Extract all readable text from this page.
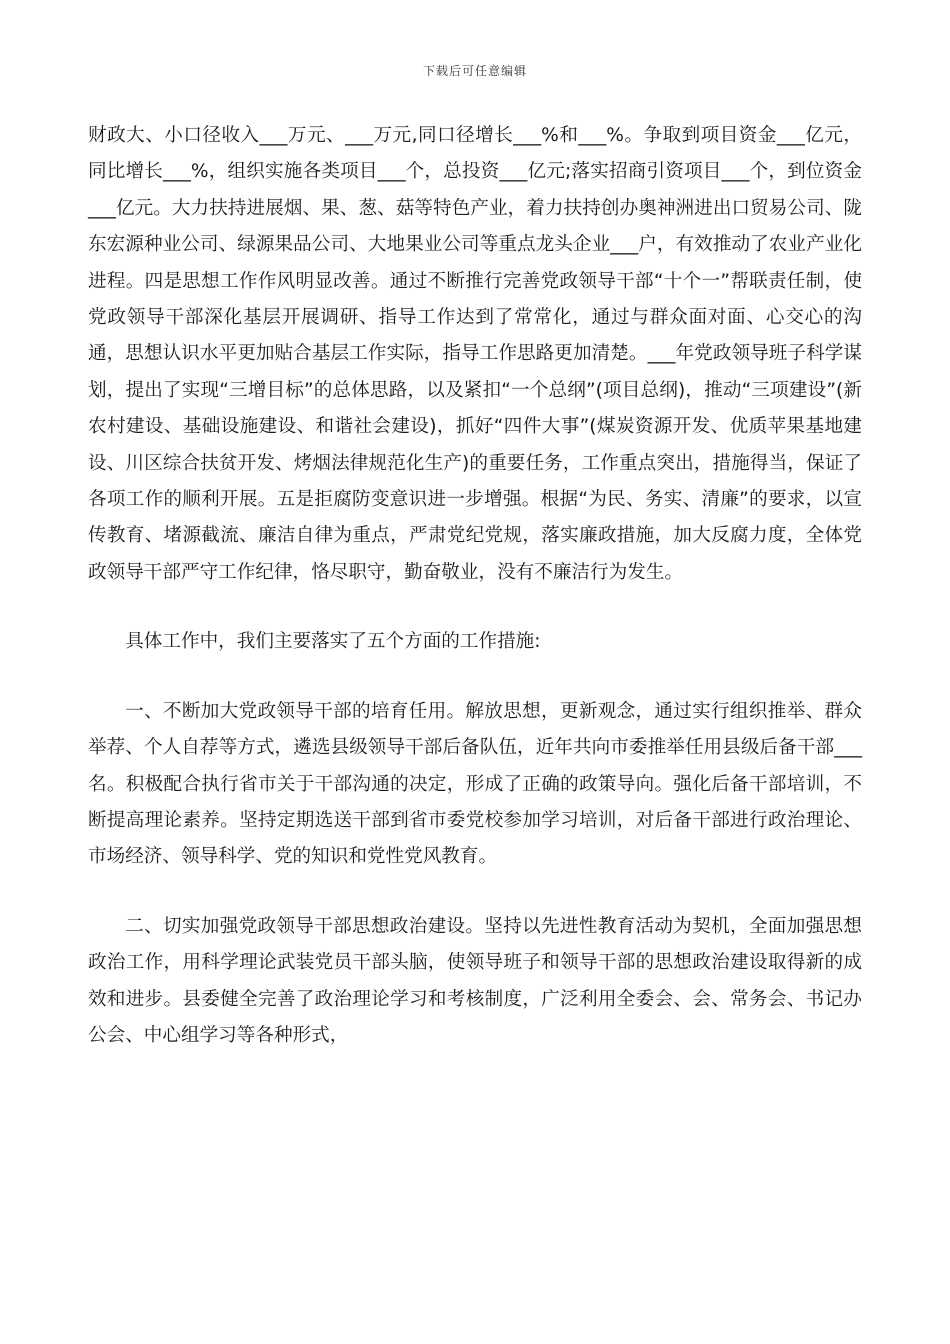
下载后可任意编辑

财政大、小口径收入___万元、___万元,同口径增长___%和___%。争取到项目资金___亿元，同比增长___%，组织实施各类项目___个，总投资___亿元;落实招商引资项目___个，到位资金___亿元。大力扶持进展烟、果、葱、菇等特色产业，着力扶持创办奥神洲进出口贸易公司、陇东宏源种业公司、绿源果品公司、大地果业公司等重点龙头企业___户，有效推动了农业产业化进程。四是思想工作作风明显改善。通过不断推行完善党政领导干部“十个一”帮联责任制，使党政领导干部深化基层开展调研、指导工作达到了常常化，通过与群众面对面、心交心的沟通，思想认识水平更加贴合基层工作实际，指导工作思路更加清楚。___年党政领导班子科学谋划，提出了实现“三增目标”的总体思路，以及紧扣“一个总纲”(项目总纲)，推动“三项建设”(新农村建设、基础设施建设、和谐社会建设)，抓好“四件大事”(煤炭资源开发、优质苹果基地建设、川区综合扶贫开发、烤烟法律规范化生产)的重要任务，工作重点突出，措施得当，保证了各项工作的顺利开展。五是拒腐防变意识进一步增强。根据“为民、务实、清廉”的要求，以宣传教育、堵源截流、廉洁自律为重点，严肃党纪党规，落实廉政措施，加大反腐力度，全体党政领导干部严守工作纪律，恪尽职守，勤奋敬业，没有不廉洁行为发生。

具体工作中，我们主要落实了五个方面的工作措施:

一、不断加大党政领导干部的培育任用。解放思想，更新观念，通过实行组织推举、群众举荐、个人自荐等方式，遴选县级领导干部后备队伍，近年共向市委推举任用县级后备干部___名。积极配合执行省市关于干部沟通的决定，形成了正确的政策导向。强化后备干部培训，不断提高理论素养。坚持定期选送干部到省市委党校参加学习培训，对后备干部进行政治理论、市场经济、领导科学、党的知识和党性党风教育。

二、切实加强党政领导干部思想政治建设。坚持以先进性教育活动为契机，全面加强思想政治工作，用科学理论武装党员干部头脑，使领导班子和领导干部的思想政治建设取得新的成效和进步。县委健全完善了政治理论学习和考核制度，广泛利用全委会、会、常务会、书记办公会、中心组学习等各种形式，
